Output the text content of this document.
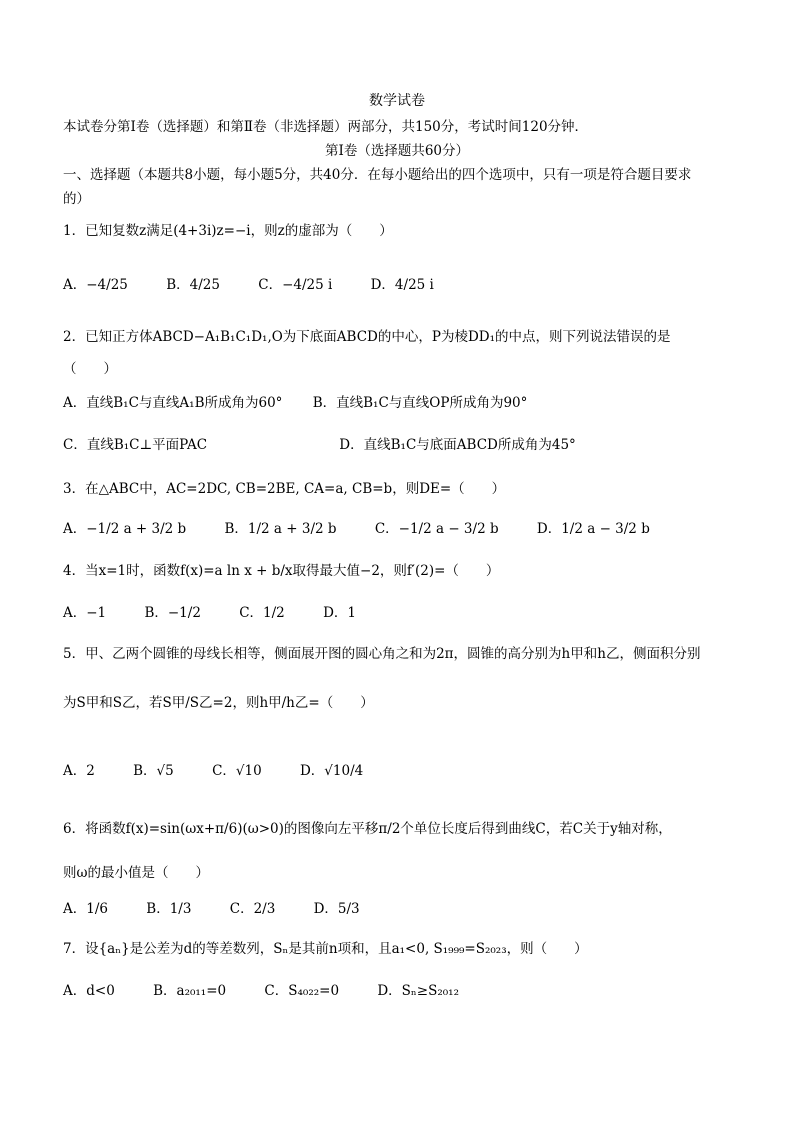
数学试卷
本试卷分第Ⅰ卷（选择题）和第Ⅱ卷（非选择题）两部分，共150分，考试时间120分钟．
第Ⅰ卷（选择题共60分）
一、选择题（本题共8小题，每小题5分，共40分．在每小题给出的四个选项中，只有一项是符合题目要求
的）
1．已知复数z满足(4+3i)z=−i，则z的虚部为（　　）
A．−4/25	B．4/25	C．−4/25 i	D．4/25 i
2．已知正方体ABCD−A₁B₁C₁D₁,O为下底面ABCD的中心，P为棱DD₁的中点，则下列说法错误的是
（　　）
A．直线B₁C与直线A₁B所成角为60° B．直线B₁C与直线OP所成角为90°
C．直线B₁C⊥平面PAC	D．直线B₁C与底面ABCD所成角为45°
3．在△ABC中，AC=2DC, CB=2BE, CA=a, CB=b，则DE=（　　）
A．−1/2 a + 3/2 b	B．1/2 a + 3/2 b	C．−1/2 a − 3/2 b	D．1/2 a − 3/2 b
4．当x=1时，函数f(x)=a ln x + b/x取得最大值−2，则f′(2)=（　　）
A．−1	B．−1/2	C．1/2	D．1
5．甲、乙两个圆锥的母线长相等，侧面展开图的圆心角之和为2π，圆锥的高分别为h甲和h乙，侧面积分别
为S甲和S乙，若S甲/S乙=2，则h甲/h乙=（　　）
A．2	B．√5	C．√10	D．√10/4
6．将函数f(x)=sin(ωx+π/6)(ω>0)的图像向左平移π/2个单位长度后得到曲线C，若C关于y轴对称，
则ω的最小值是（　　）
A．1/6	B．1/3	C．2/3	D．5/3
7．设{aₙ}是公差为d的等差数列，Sₙ是其前n项和，且a₁<0, S₁₉₉₉=S₂₀₂₃，则（　　）
A．d<0	B．a₂₀₁₁=0	C．S₄₀₂₂=0	D．Sₙ≥S₂₀₁₂
